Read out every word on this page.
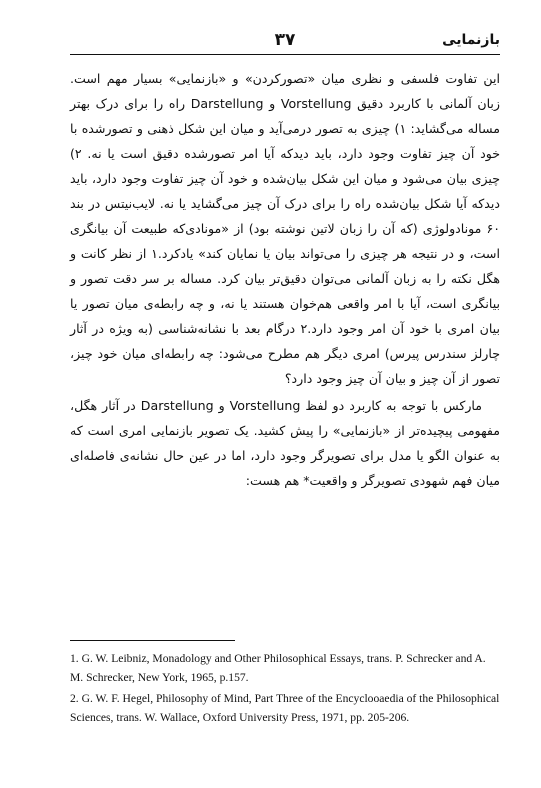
۳۷	بازنمایی

این تفاوت فلسفی و نظری میان «تصورکردن» و «بازنمایی» بسیار مهم است. زبان آلمانی با کاربرد دقیق Vorstellung و Darstellung راه را برای درک بهتر مساله می‌گشاید: ۱) چیزی به تصور درمی‌آید و میان این شکل ذهنی و تصورشده با خود آن چیز تفاوت وجود دارد، باید دیدکه آیا امر تصورشده دقیق است یا نه. ۲) چیزی بیان می‌شود و میان این شکل بیان‌شده و خود آن چیز تفاوت وجود دارد، باید دیدکه آیا شکل بیان‌شده راه را برای درک آن چیز می‌گشاید یا نه. لایب‌نیتس در بند ۶۰ مونادولوژی (که آن را زبان لاتین نوشته بود) از «مونادی‌که طبیعت آن بیانگری است، و در نتیجه هر چیزی را می‌تواند بیان یا نمایان کند» یادکرد.۱ از نظر کانت و هگل نکته را به زبان آلمانی می‌توان دقیق‌تر بیان کرد. مساله بر سر دقت تصور و بیانگری است، آیا با امر واقعی هم‌خوان هستند یا نه، و چه رابطه‌ی میان تصور یا بیان امری با خود آن امر وجود دارد.۲ درگام بعد با نشانه‌شناسی (به ویژه در آثار چارلز سندرس پیرس) امری دیگر هم مطرح می‌شود: چه رابطه‌ای میان خود چیز، تصور از آن چیز و بیان آن چیز وجود دارد؟

مارکس با توجه به کاربرد دو لفظ Vorstellung و Darstellung در آثار هگل، مفهومی پیچیده‌تر از «بازنمایی» را پیش کشید. یک تصویر بازنمایی امری است که به عنوان الگو یا مدل برای تصویرگر وجود دارد، اما در عین حال نشانه‌ی فاصله‌ای میان فهم شهودی تصویرگر و واقعیت* هم هست:

1. G. W. Leibniz, Monadology and Other Philosophical Essays, trans. P. Schrecker and A. M. Schrecker, New York, 1965, p.157.

2. G. W. F. Hegel, Philosophy of Mind, Part Three of the Encyclooaedia of the Philosophical Sciences, trans. W. Wallace, Oxford University Press, 1971, pp. 205-206.
